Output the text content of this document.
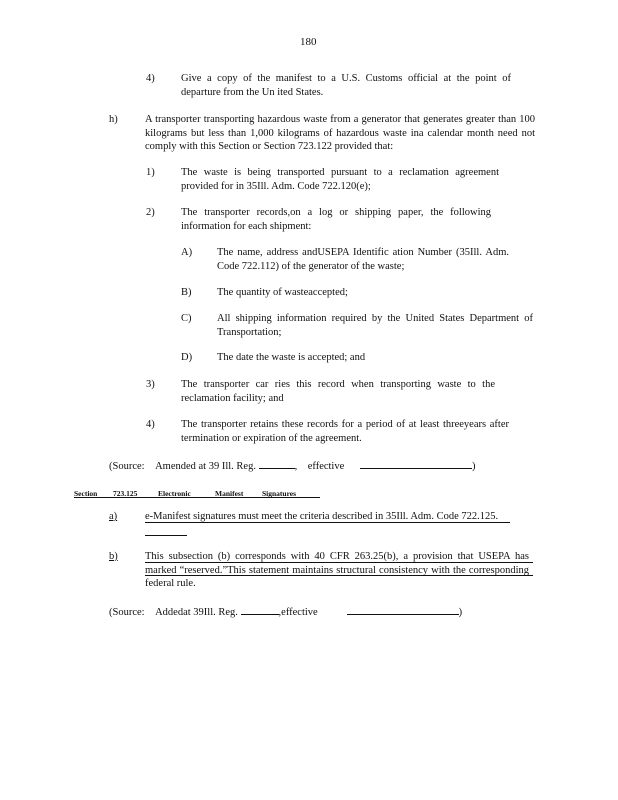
180
4)	Give a copy of the manifest to a U.S. Customs official at the point of departure from the Un ited States.
h)	A transporter transporting hazardous waste from a generator that generates greater than 100 kilograms but less than 1,000 kilograms of hazardous waste ina calendar month need not comply with this Section or Section 723.122 provided that:
1)	The waste is being transported pursuant to a reclamation agreement provided for in 35Ill. Adm. Code 722.120(e);
2)	The transporter records,on a log or shipping paper, the following information for each shipment:
A) The name, address andUSEPA Identific ation Number (35Ill. Adm. Code 722.112) of the generator of the waste;
B) The quantity of wasteaccepted;
C) All shipping information required by the United States Department of Transportation;
D) The date the waste is accepted; and
3)	The transporter car ries this record when transporting waste to the reclamation facility; and
4)	The transporter retains these records for a period of at least threeyears after termination or expiration of the agreement.
(Source: Amended at 39 Ill. Reg.	, effective	)
Section 723.125	Electronic	Manifest Signatures
a)	e-Manifest signatures must meet the criteria described in 35Ill. Adm. Code 722.125.
b)	This subsection (b) corresponds with 40 CFR 263.25(b), a provision that USEPA has marked “reserved.”This statement maintains structural consistency with the corresponding federal rule.
(Source: Addedat 39Ill. Reg.	,effective	)
